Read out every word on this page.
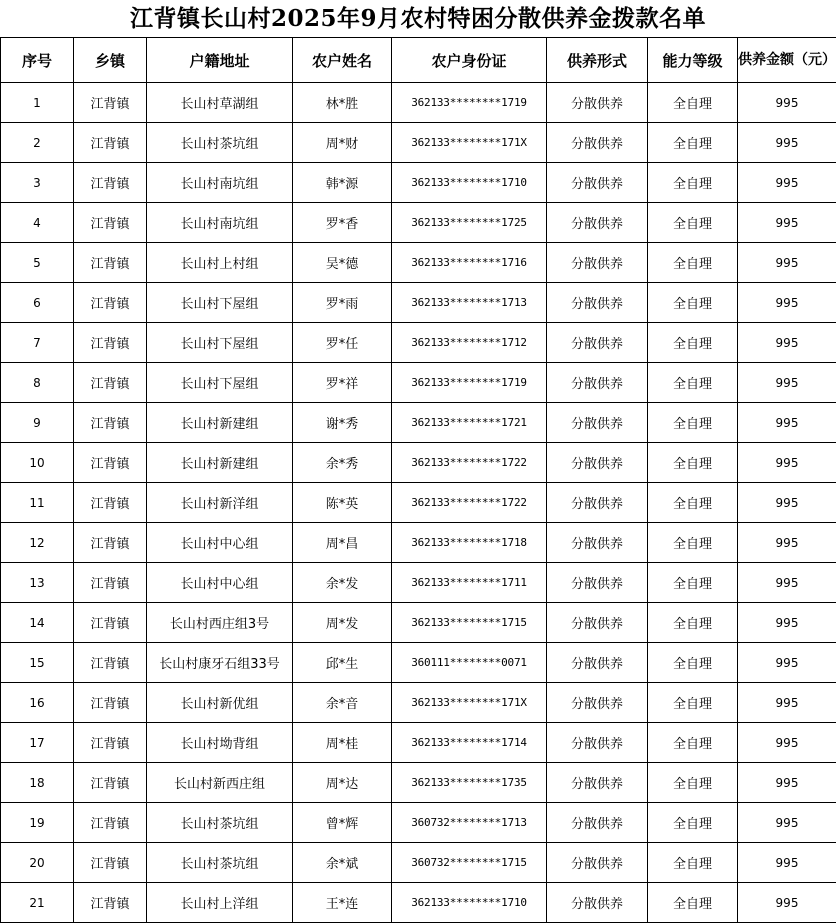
江背镇长山村2025年9月农村特困分散供养金拨款名单
序号	乡镇	户籍地址	农户姓名	农户身份证	供养形式	能力等级	供养金额（元）
1	江背镇	长山村草湖组	林*胜	362133********1719	分散供养	全自理	995
2	江背镇	长山村茶坑组	周*财	362133********171X	分散供养	全自理	995
3	江背镇	长山村南坑组	韩*源	362133********1710	分散供养	全自理	995
4	江背镇	长山村南坑组	罗*香	362133********1725	分散供养	全自理	995
5	江背镇	长山村上村组	吴*德	362133********1716	分散供养	全自理	995
6	江背镇	长山村下屋组	罗*雨	362133********1713	分散供养	全自理	995
7	江背镇	长山村下屋组	罗*任	362133********1712	分散供养	全自理	995
8	江背镇	长山村下屋组	罗*祥	362133********1719	分散供养	全自理	995
9	江背镇	长山村新建组	谢*秀	362133********1721	分散供养	全自理	995
10	江背镇	长山村新建组	余*秀	362133********1722	分散供养	全自理	995
11	江背镇	长山村新洋组	陈*英	362133********1722	分散供养	全自理	995
12	江背镇	长山村中心组	周*昌	362133********1718	分散供养	全自理	995
13	江背镇	长山村中心组	余*发	362133********1711	分散供养	全自理	995
14	江背镇	长山村西庄组3号	周*发	362133********1715	分散供养	全自理	995
15	江背镇	长山村康牙石组33号	邱*生	360111********0071	分散供养	全自理	995
16	江背镇	长山村新优组	余*音	362133********171X	分散供养	全自理	995
17	江背镇	长山村坳背组	周*桂	362133********1714	分散供养	全自理	995
18	江背镇	长山村新西庄组	周*达	362133********1735	分散供养	全自理	995
19	江背镇	长山村茶坑组	曾*辉	360732********1713	分散供养	全自理	995
20	江背镇	长山村茶坑组	余*斌	360732********1715	分散供养	全自理	995
21	江背镇	长山村上洋组	王*连	362133********1710	分散供养	全自理	995
